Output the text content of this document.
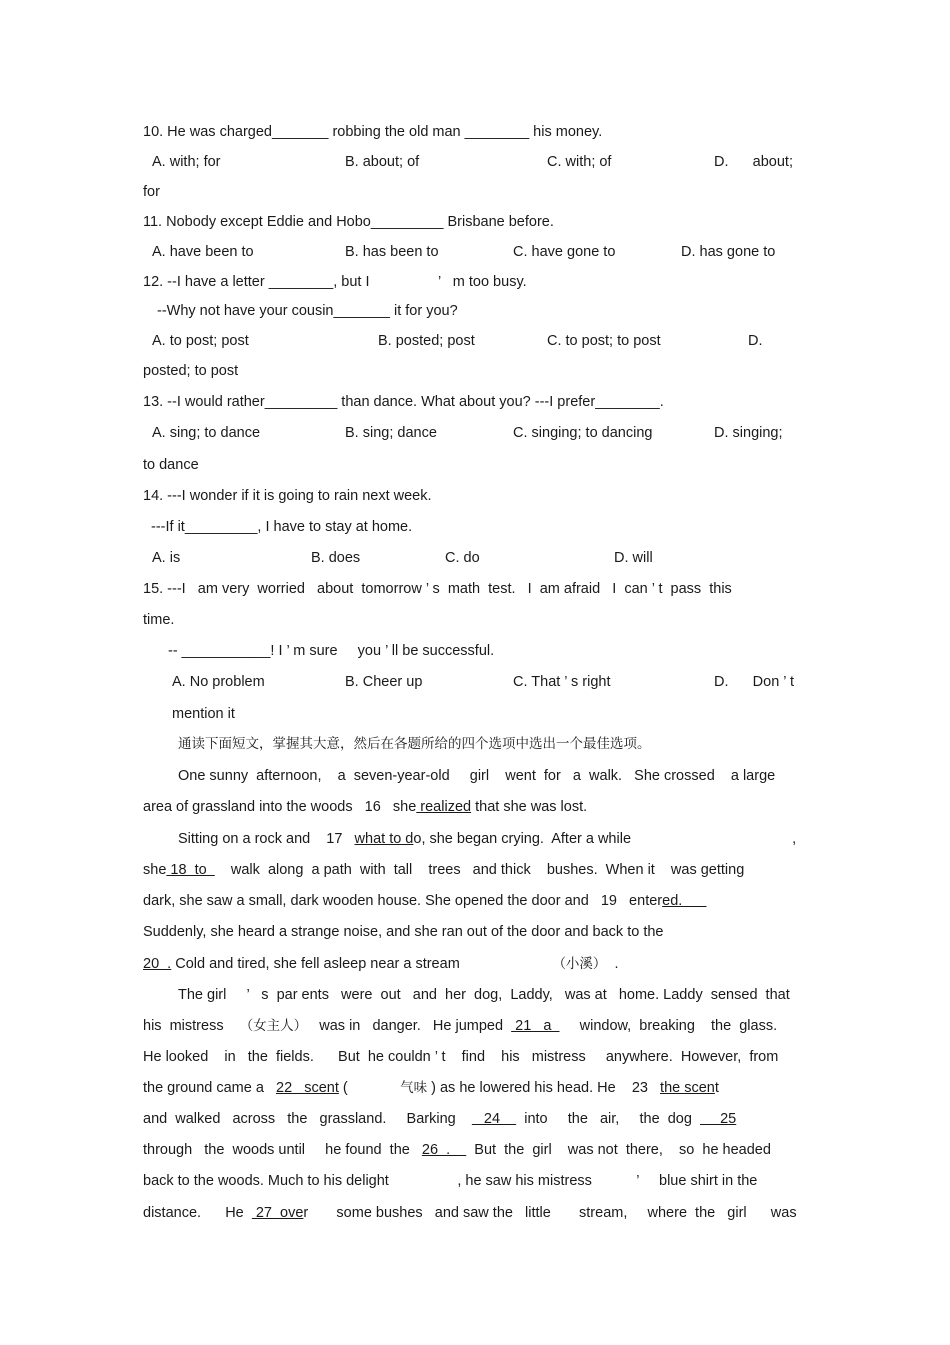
10. He was charged_______ robbing the old man ________ his money.
A. with; for	B. about; of	C. with; of	D.      about;
for
11. Nobody except Eddie and Hobo_________ Brisbane before.
A. have been to	B. has been to	C. have gone to	D. has gone to
12. --I have a letter ________, but I                 ’   m too busy.
--Why not have your cousin_______ it for you?
A. to post; post	B. posted; post	C. to post; to post	D.
posted; to post
13. --I would rather_________ than dance. What about you? ---I prefer________.
A. sing; to dance	B. sing; dance	C. singing; to dancing	D. singing;
to dance
14. ---I wonder if it is going to rain next week.
---If it_________, I have to stay at home.
A. is	B. does	C. do	D. will
15. ---I   am very  worried   about  tomorrow ’ s  math  test.   I  am afraid   I  can ’ t  pass  this
time.
-- ___________! I ’ m sure     you ’ ll be successful.
A. No problem	B. Cheer up	C. That ’ s right	D.      Don ’ t
mention it
通读下面短文，掌握其大意，然后在各题所给的四个选项中选出一个最佳选项。
One sunny  afternoon,    a  seven-year-old     girl    went  for   a  walk.   She crossed    a large
area of grassland into the woods   16   she realized that she was lost.
Sitting on a rock and    17   what to do, she began crying.  After a while                                        ,
she 18  to      walk  along  a path  with  tall    trees   and thick    bushes.  When it    was getting
dark, she saw a small, dark wooden house. She opened the door and   19   entered.
Suddenly, she heard a strange noise, and she ran out of the door and back to the
20  . Cold and tired, she fell asleep near a stream                       （小溪）  .
The girl     ’   s  par ents   were  out   and  her  dog,  Laddy,   was at   home. Laddy  sensed  that
his  mistress    （女主人）   was in   danger.   He jumped   21   a       window,  breaking    the  glass.
He looked    in   the  fields.      But  he couldn ’ t    find    his   mistress     anywhere.  However,  from
the ground came a   22   scent (             气味 ) as he lowered his head. He    23   the scent
and  walked   across   the   grassland.     Barking       24      into     the   air,     the  dog       25
through   the  woods until     he found  the   26  .      But  the  girl    was not  there,    so  he headed
back to the woods. Much to his delight                 , he saw his mistress           ’     blue shirt in the
distance.      He   27  over       some bushes   and saw the   little       stream,     where  the   girl      was
